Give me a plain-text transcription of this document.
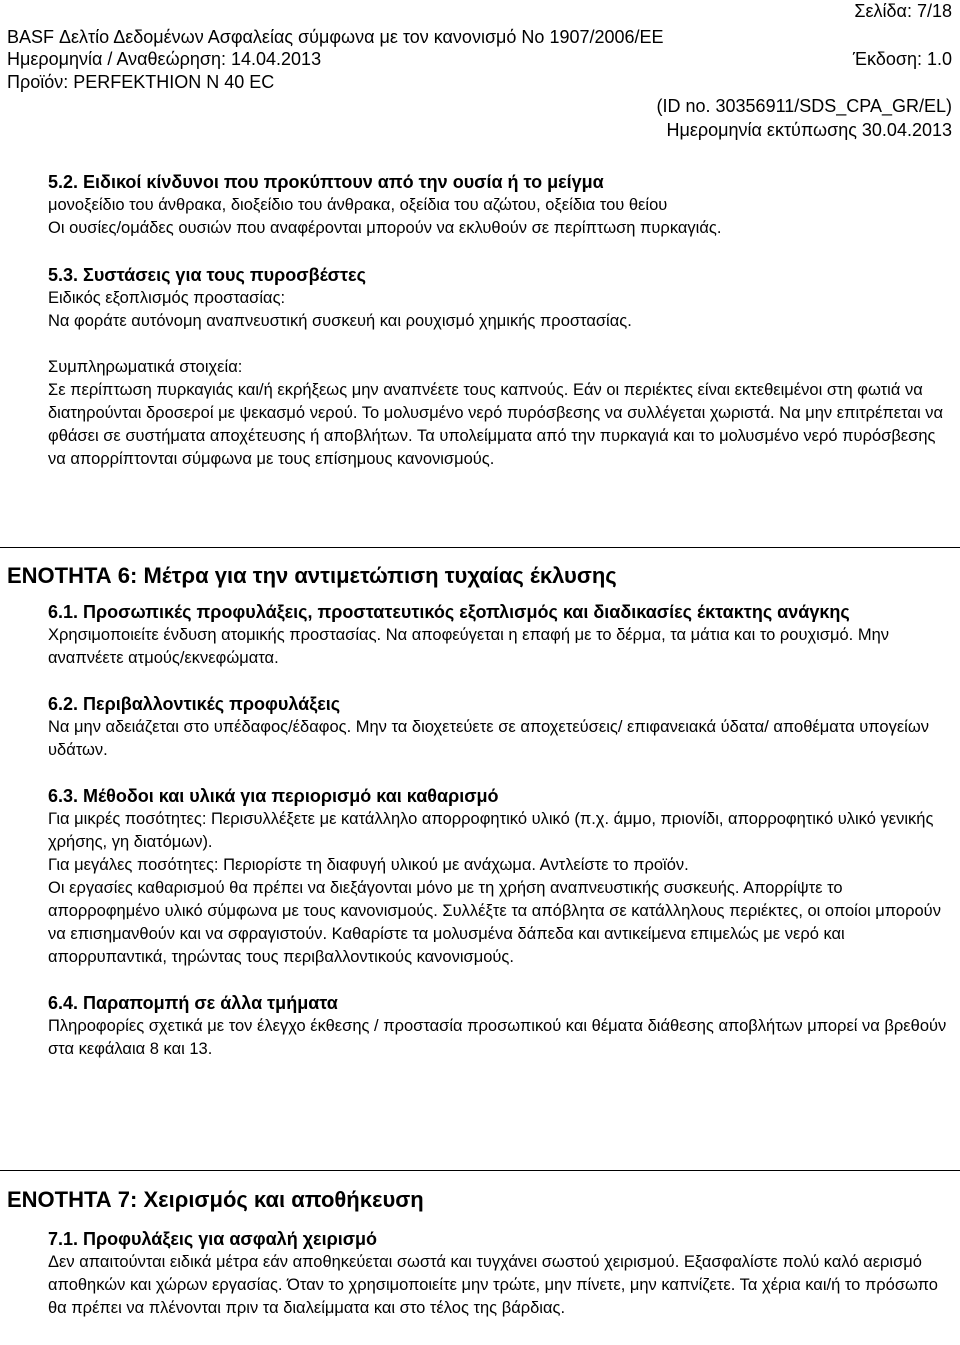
Σελίδα: 7/18
BASF Δελτίο Δεδομένων Ασφαλείας σύμφωνα με τον κανονισμό No 1907/2006/ΕΕ
Ημερομηνία / Αναθεώρηση: 14.04.2013	Έκδοση: 1.0
Προϊόν: PERFEKTHION N 40 EC
(ID no. 30356911/SDS_CPA_GR/EL)
Ημερομηνία εκτύπωσης 30.04.2013

5.2. Ειδικοί κίνδυνοι που προκύπτουν από την ουσία ή το μείγμα

μονοξείδιο του άνθρακα, διοξείδιο του άνθρακα, οξείδια του αζώτου, οξείδια του θείου

Οι ουσίες/ομάδες ουσιών που αναφέρονται μπορούν να εκλυθούν σε περίπτωση πυρκαγιάς.

5.3. Συστάσεις για τους πυροσβέστες

Ειδικός εξοπλισμός προστασίας:

Να φοράτε αυτόνομη αναπνευστική συσκευή και ρουχισμό χημικής προστασίας.

Συμπληρωματικά στοιχεία:

Σε περίπτωση πυρκαγιάς και/ή εκρήξεως μην αναπνέετε τους καπνούς. Εάν οι περιέκτες είναι εκτεθειμένοι στη φωτιά να διατηρούνται δροσεροί με ψεκασμό νερού. Το μολυσμένο νερό πυρόσβεσης να συλλέγεται χωριστά. Να μην επιτρέπεται να φθάσει σε συστήματα αποχέτευσης ή αποβλήτων. Τα υπολείμματα από την πυρκαγιά και το μολυσμένο νερό πυρόσβεσης να απορρίπτονται σύμφωνα με τους επίσημους κανονισμούς.

ΕΝΟΤΗΤΑ 6: Μέτρα για την αντιμετώπιση τυχαίας έκλυσης

6.1. Προσωπικές προφυλάξεις, προστατευτικός εξοπλισμός και διαδικασίες έκτακτης ανάγκης

Χρησιμοποιείτε ένδυση ατομικής προστασίας. Να αποφεύγεται η επαφή με το δέρμα, τα μάτια και το ρουχισμό. Μην αναπνέετε ατμούς/εκνεφώματα.

6.2. Περιβαλλοντικές προφυλάξεις

Να μην αδειάζεται στο υπέδαφος/έδαφος. Μην τα διοχετεύετε σε αποχετεύσεις/ επιφανειακά ύδατα/ αποθέματα υπογείων υδάτων.

6.3. Μέθοδοι και υλικά για περιορισμό και καθαρισμό

Για μικρές ποσότητες: Περισυλλέξετε με κατάλληλο απορροφητικό υλικό (π.χ. άμμο, πριονίδι, απορροφητικό υλικό γενικής χρήσης, γη διατόμων).

Για μεγάλες ποσότητες: Περιορίστε τη διαφυγή υλικού με ανάχωμα. Αντλείστε το προϊόν.

Οι εργασίες καθαρισμού θα πρέπει να διεξάγονται μόνο με τη χρήση αναπνευστικής συσκευής. Απορρίψτε το απορροφημένο υλικό σύμφωνα με τους κανονισμούς. Συλλέξτε τα απόβλητα σε κατάλληλους περιέκτες, οι οποίοι μπορούν να επισημανθούν και να σφραγιστούν. Καθαρίστε τα μολυσμένα δάπεδα και αντικείμενα επιμελώς με νερό και απορρυπαντικά, τηρώντας τους περιβαλλοντικούς κανονισμούς.

6.4. Παραπομπή σε άλλα τμήματα

Πληροφορίες σχετικά με τον έλεγχο έκθεσης / προστασία προσωπικού και θέματα διάθεσης αποβλήτων μπορεί να βρεθούν στα κεφάλαια 8 και 13.

ΕΝΟΤΗΤΑ 7: Χειρισμός και αποθήκευση

7.1. Προφυλάξεις για ασφαλή χειρισμό

Δεν απαιτούνται ειδικά μέτρα εάν αποθηκεύεται σωστά και τυγχάνει σωστού χειρισμού. Εξασφαλίστε πολύ καλό αερισμό αποθηκών και χώρων εργασίας. Όταν το χρησιμοποιείτε μην τρώτε, μην πίνετε, μην καπνίζετε. Τα χέρια και/ή το πρόσωπο θα πρέπει να πλένονται πριν τα διαλείμματα και στο τέλος της βάρδιας.
